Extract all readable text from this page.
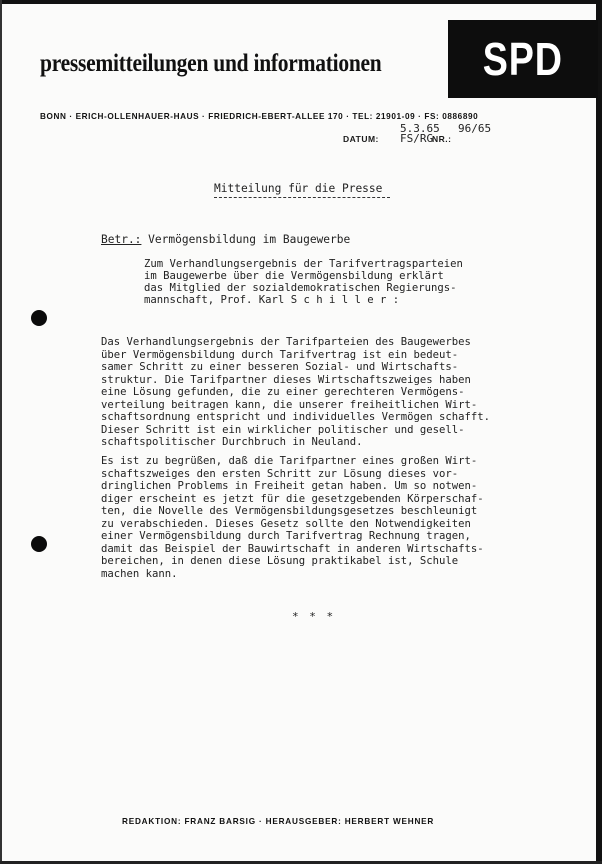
pressemitteilungen und informationen SPD
BONN · ERICH-OLLENHAUER-HAUS · FRIEDRICH-EBERT-ALLEE 170 · TEL: 21901-09 · FS: 0886890
5.3.65 96/65
DATUM: FS/RG
NR.:
Mitteilung für die Presse
Betr.: Vermögensbildung im Baugewerbe
Zum Verhandlungsergebnis der Tarifvertragsparteien
im Baugewerbe über die Vermögensbildung erklärt
das Mitglied der sozialdemokratischen Regierungs-
mannschaft, Prof. Karl S c h i l l e r :
Das Verhandlungsergebnis der Tarifparteien des Baugewerbes
über Vermögensbildung durch Tarifvertrag ist ein bedeut-
samer Schritt zu einer besseren Sozial- und Wirtschafts-
struktur. Die Tarifpartner dieses Wirtschaftszweiges haben
eine Lösung gefunden, die zu einer gerechteren Vermögens-
verteilung beitragen kann, die unserer freiheitlichen Wirt-
schaftsordnung entspricht und individuelles Vermögen schafft.
Dieser Schritt ist ein wirklicher politischer und gesell-
schaftspolitischer Durchbruch in Neuland.
Es ist zu begrüßen, daß die Tarifpartner eines großen Wirt-
schaftszweiges den ersten Schritt zur Lösung dieses vor-
dringlichen Problems in Freiheit getan haben. Um so notwen-
diger erscheint es jetzt für die gesetzgebenden Körperschaf-
ten, die Novelle des Vermögensbildungsgesetzes beschleunigt
zu verabschieden. Dieses Gesetz sollte den Notwendigkeiten
einer Vermögensbildung durch Tarifvertrag Rechnung tragen,
damit das Beispiel der Bauwirtschaft in anderen Wirtschafts-
bereichen, in denen diese Lösung praktikabel ist, Schule
machen kann.
* * *
REDAKTION: FRANZ BARSIG · HERAUSGEBER: HERBERT WEHNER
